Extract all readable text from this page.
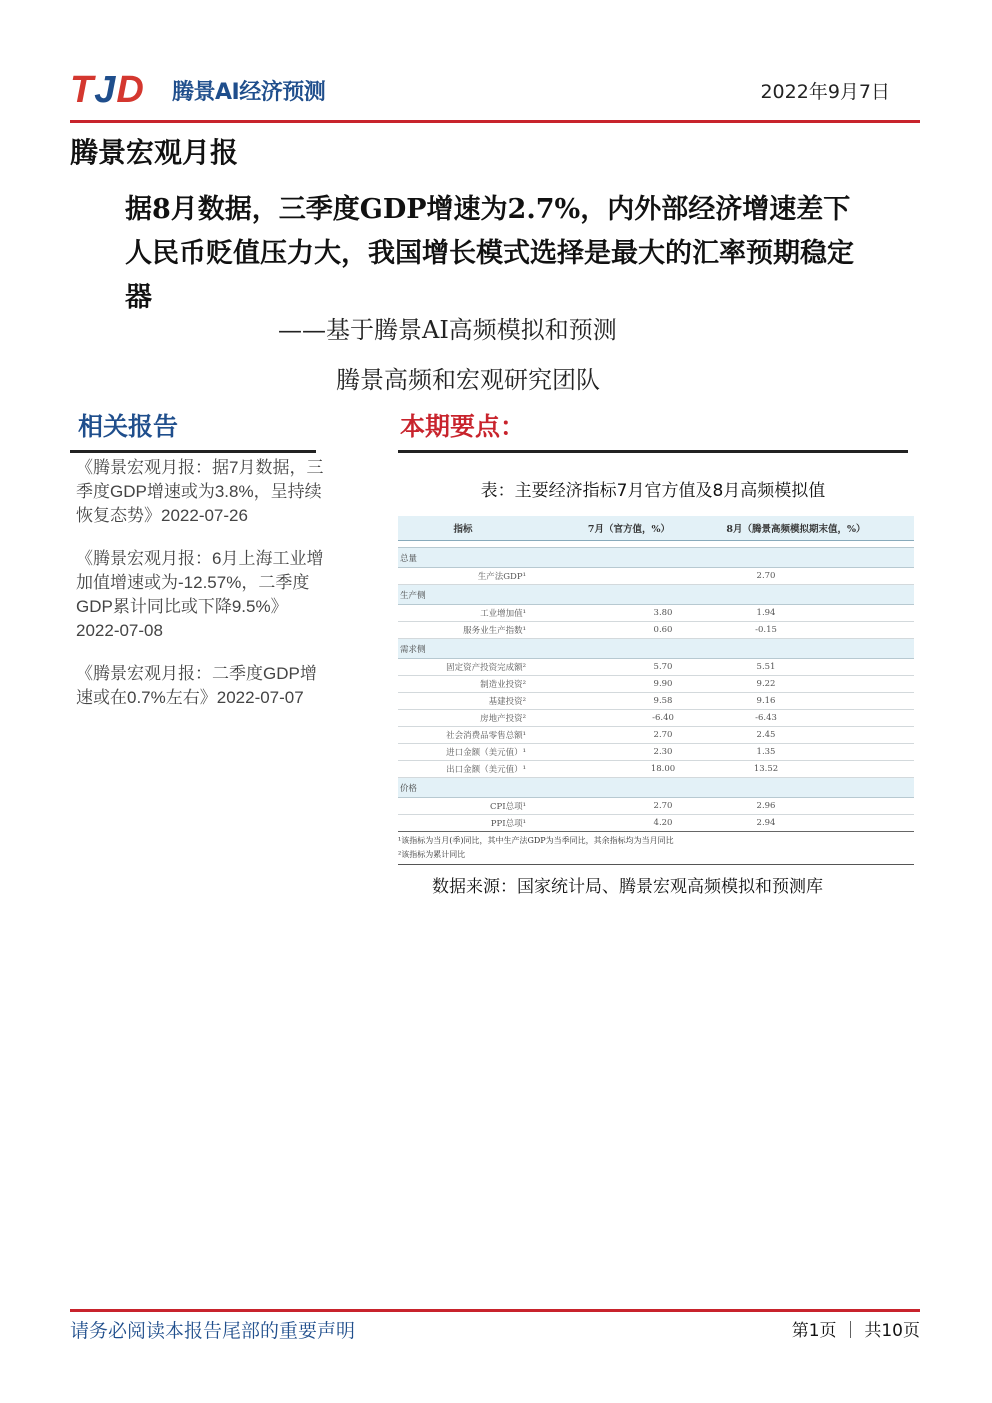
TJD 腾景AI经济预测	2022年9月7日
腾景宏观月报
据8月数据，三季度GDP增速为2.7%，内外部经济增速差下人民币贬值压力大，我国增长模式选择是最大的汇率预期稳定器
——基于腾景AI高频模拟和预测
腾景高频和宏观研究团队
相关报告	本期要点：
《腾景宏观月报：据7月数据，三季度GDP增速或为3.8%，呈持续恢复态势》2022-07-26
《腾景宏观月报：6月上海工业增加值增速或为-12.57%，二季度GDP累计同比或下降9.5%》2022-07-08
《腾景宏观月报：二季度GDP增速或在0.7%左右》2022-07-07
表：主要经济指标7月官方值及8月高频模拟值
指标	7月（官方值，%）	8月（腾景高频模拟期末值，%）

总量		
生产法GDP¹		2.70
生产侧		
工业增加值¹	3.80	1.94
服务业生产指数¹	0.60	-0.15
需求侧		
固定资产投资完成额²	5.70	5.51
制造业投资²	9.90	9.22
基建投资²	9.58	9.16
房地产投资²	-6.40	-6.43
社会消费品零售总额¹	2.70	2.45
进口金额（美元值）¹	2.30	1.35
出口金额（美元值）¹	18.00	13.52
价格		
CPI总项¹	2.70	2.96
PPI总项¹	4.20	2.94
¹该指标为当月(季)同比，其中生产法GDP为当季同比，其余指标均为当月同比
²该指标为累计同比
数据来源：国家统计局、腾景宏观高频模拟和预测库
请务必阅读本报告尾部的重要声明	第1页 ｜ 共10页
